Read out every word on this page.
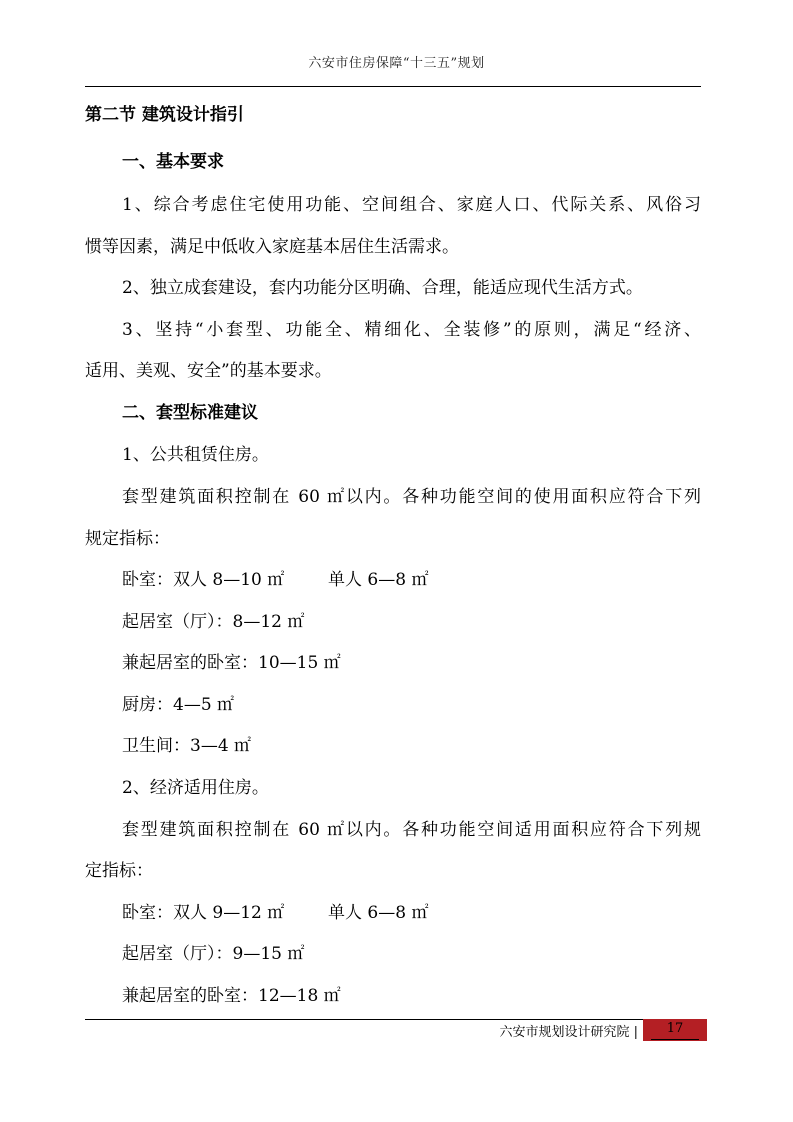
六安市住房保障“十三五”规划
第二节 建筑设计指引
一、基本要求
1、综合考虑住宅使用功能、空间组合、家庭人口、代际关系、风俗习
惯等因素，满足中低收入家庭基本居住生活需求。
2、独立成套建设，套内功能分区明确、合理，能适应现代生活方式。
3、坚持“小套型、功能全、精细化、全装修”的原则，满足“经济、
适用、美观、安全”的基本要求。
二、套型标准建议
1、公共租赁住房。
套型建筑面积控制在 60 ㎡以内。各种功能空间的使用面积应符合下列
规定指标：
卧室：双人 8—10 ㎡	单人 6—8 ㎡
起居室（厅）：8—12 ㎡
兼起居室的卧室：10—15 ㎡
厨房：4—5 ㎡
卫生间：3—4 ㎡
2、经济适用住房。
套型建筑面积控制在 60 ㎡以内。各种功能空间适用面积应符合下列规
定指标：
卧室：双人 9—12 ㎡	单人 6—8 ㎡
起居室（厅）：9—15 ㎡
兼起居室的卧室：12—18 ㎡
六安市规划设计研究院 |	17
